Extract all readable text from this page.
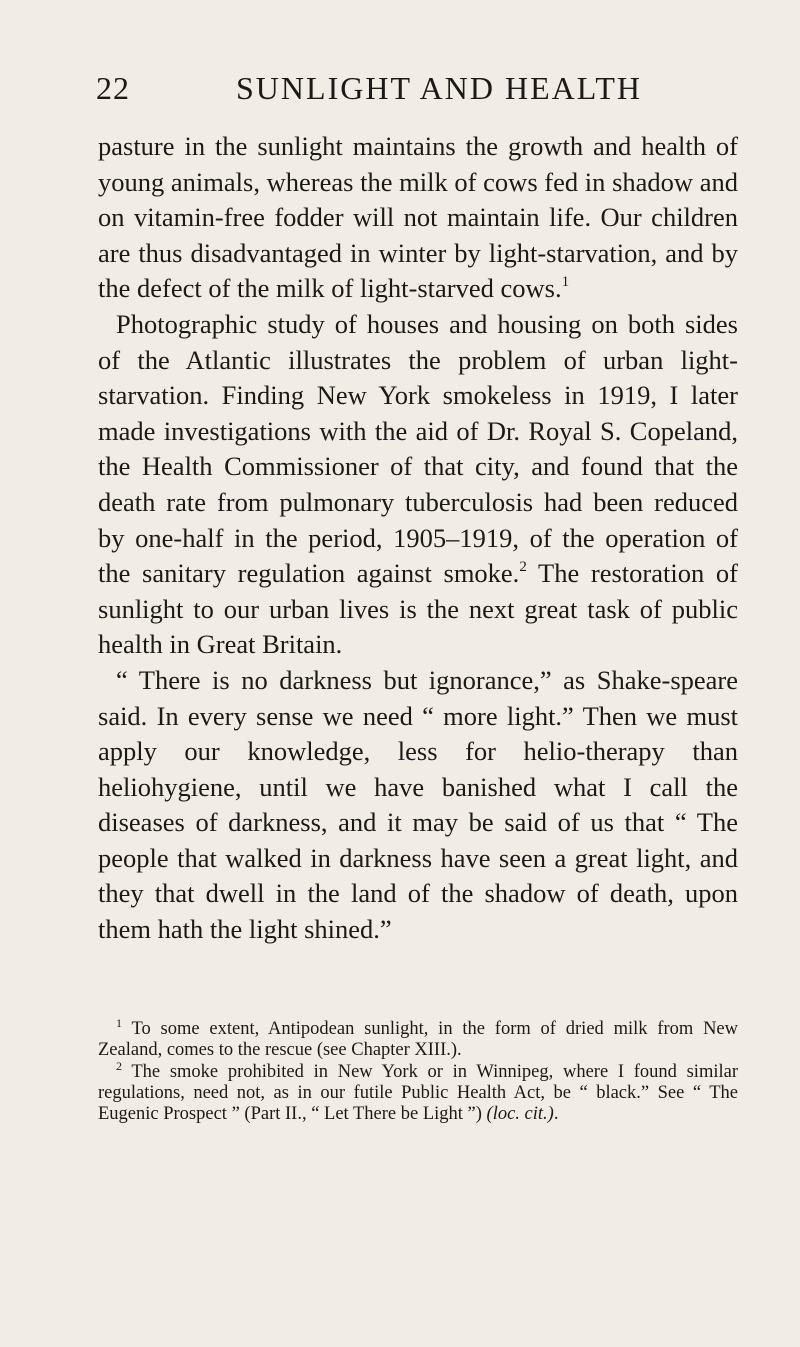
22	SUNLIGHT AND HEALTH

pasture in the sunlight maintains the growth and health of young animals, whereas the milk of cows fed in shadow and on vitamin-free fodder will not maintain life. Our children are thus disadvantaged in winter by light-starvation, and by the defect of the milk of light-starved cows.$^1$

Photographic study of houses and housing on both sides of the Atlantic illustrates the problem of urban light-starvation. Finding New York smokeless in 1919, I later made investigations with the aid of Dr. Royal S. Copeland, the Health Commissioner of that city, and found that the death rate from pulmonary tuberculosis had been reduced by one-half in the period, 1905–1919, of the operation of the sanitary regulation against smoke.$^2$ The restoration of sunlight to our urban lives is the next great task of public health in Great Britain.

“ There is no darkness but ignorance,” as Shake-speare said. In every sense we need “ more light.” Then we must apply our knowledge, less for helio-therapy than heliohygiene, until we have banished what I call the diseases of darkness, and it may be said of us that “ The people that walked in darkness have seen a great light, and they that dwell in the land of the shadow of death, upon them hath the light shined.”

$^1$ To some extent, Antipodean sunlight, in the form of dried milk from New Zealand, comes to the rescue (see Chapter XIII.).

$^2$ The smoke prohibited in New York or in Winnipeg, where I found similar regulations, need not, as in our futile Public Health Act, be “ black.” See “ The Eugenic Prospect ” (Part II., “ Let There be Light ”) (loc. cit.).
